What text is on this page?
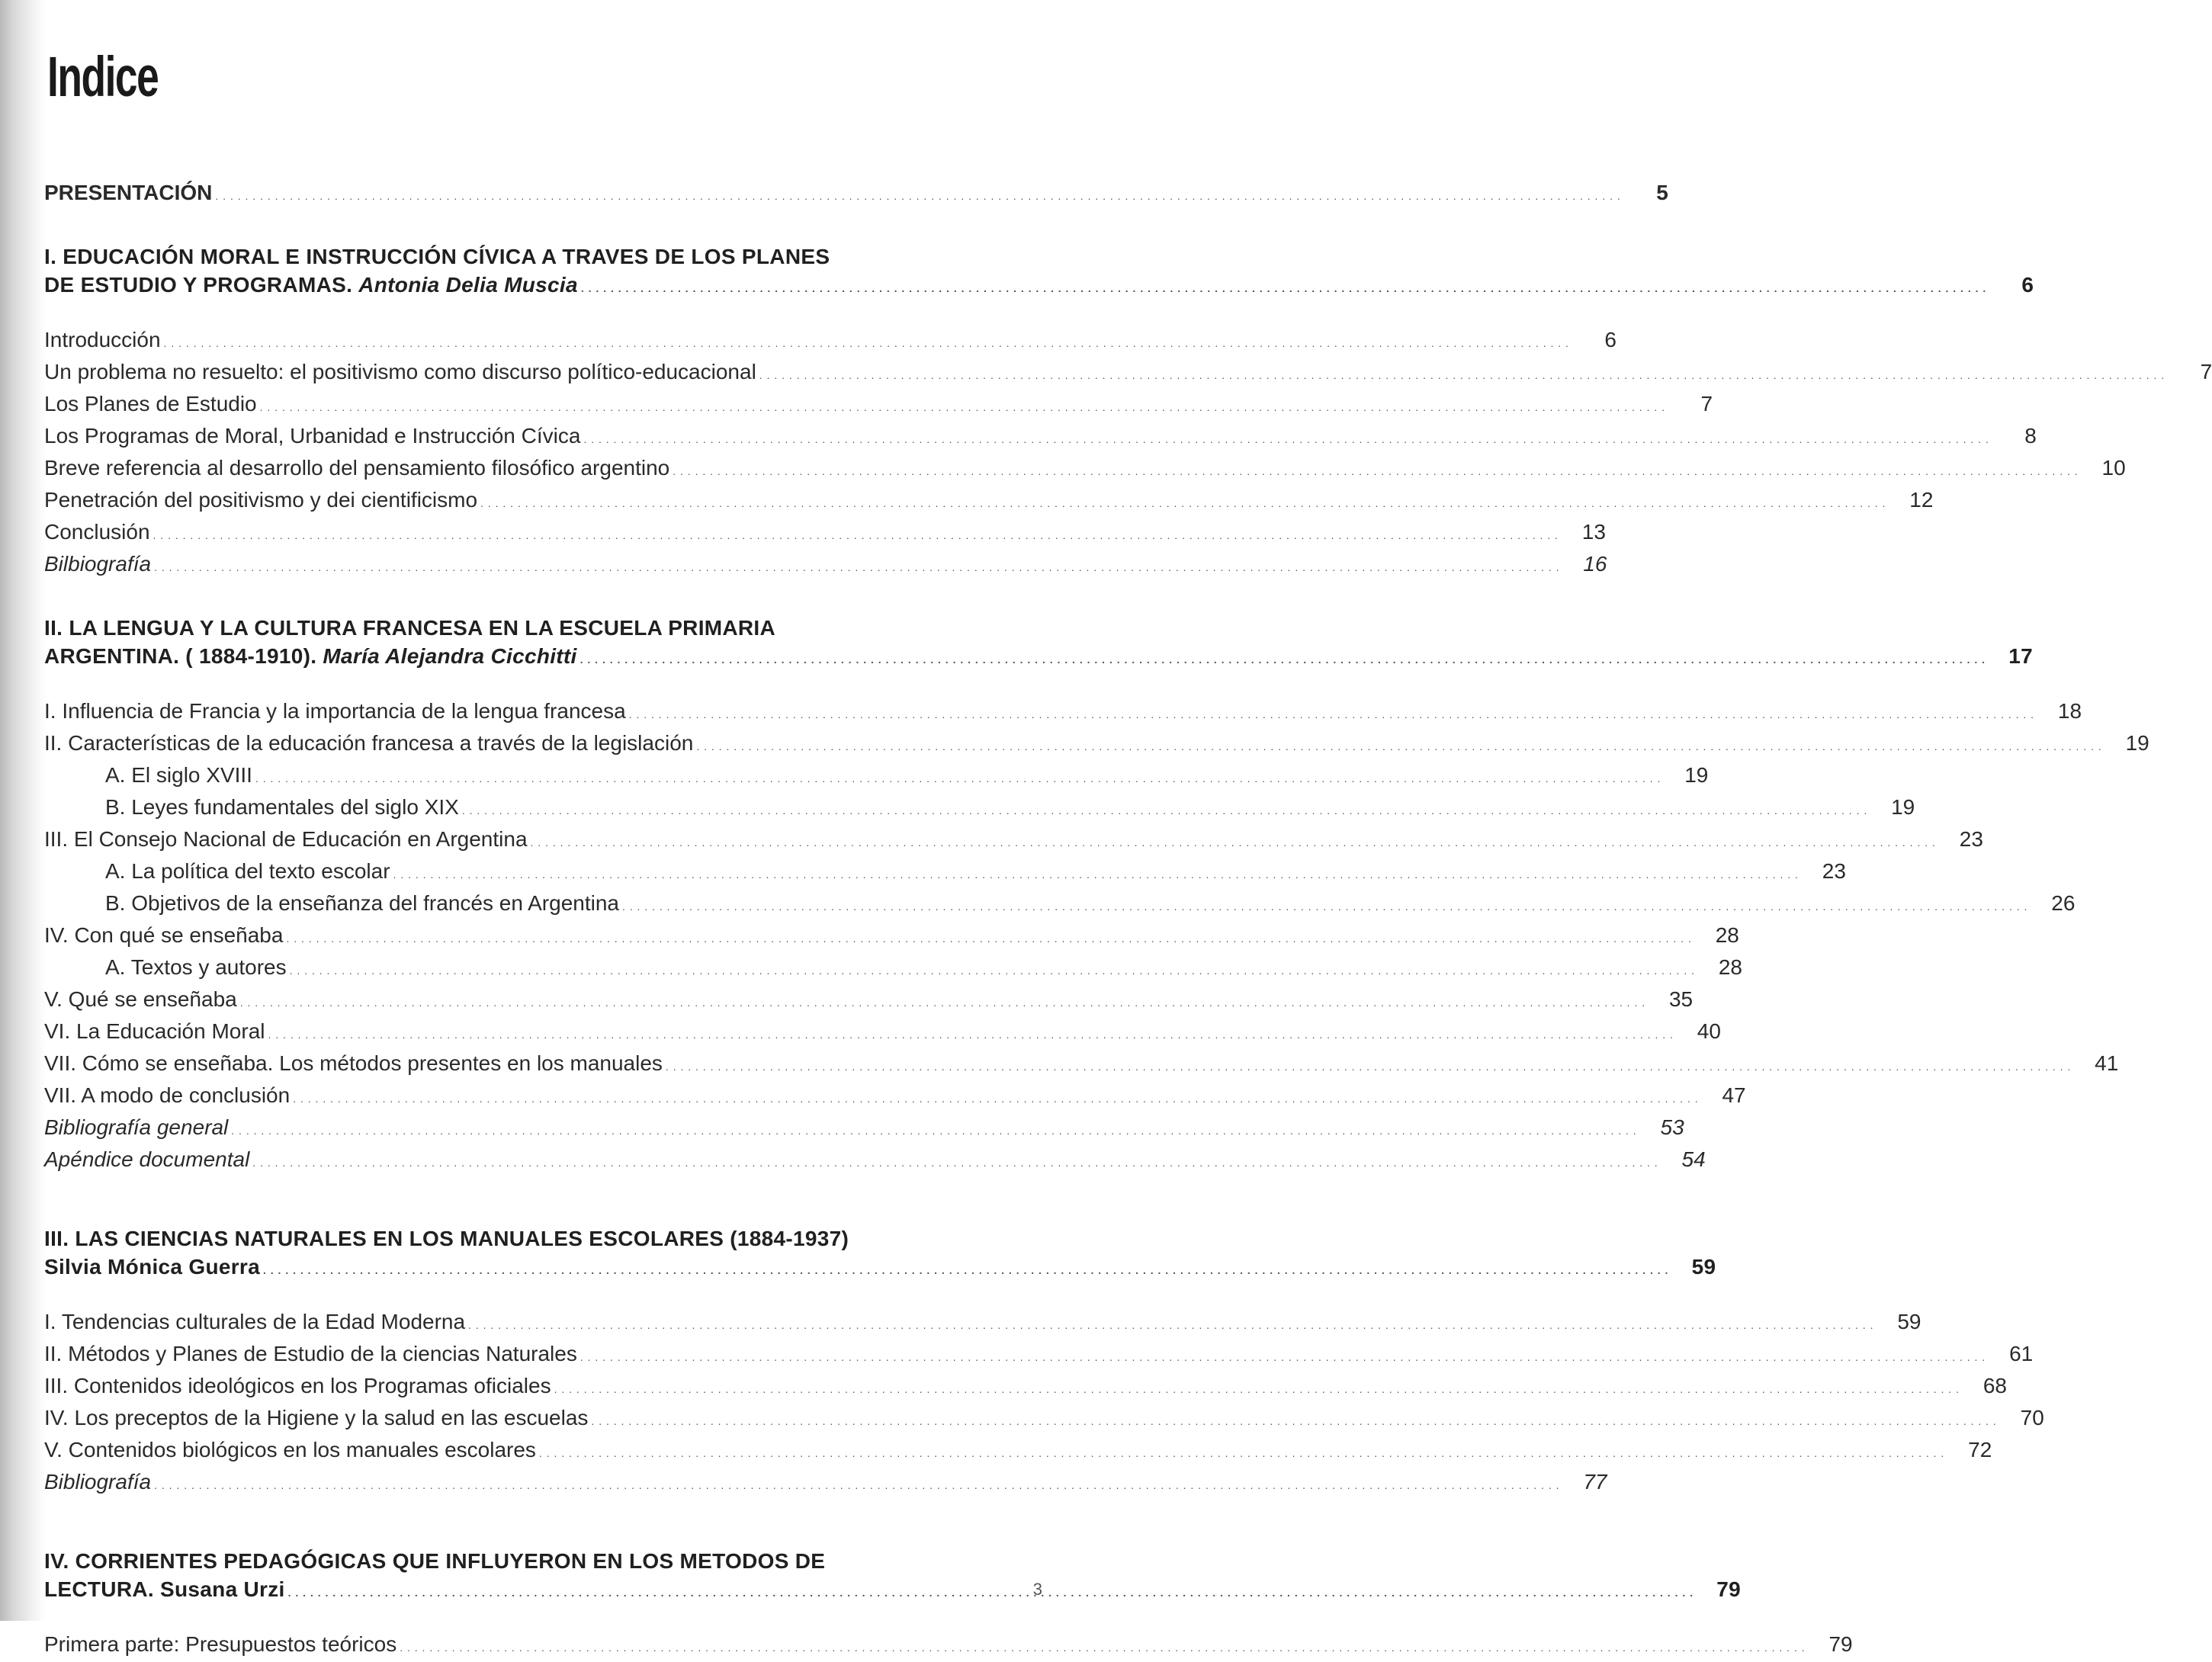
Indice
PRESENTACIÓN . . .	5
I. EDUCACIÓN MORAL E INSTRUCCIÓN CÍVICA A TRAVES DE LOS PLANES
DE ESTUDIO Y PROGRAMAS. Antonia Delia Muscia . . .	6
Introducción . . .	6
Un problema no resuelto: el positivismo como discurso político-educacional . . .	7
Los Planes de Estudio . . .	7
Los Programas de Moral, Urbanidad e Instrucción Cívica . . .	8
Breve referencia al desarrollo del pensamiento filosófico argentino . . .	10
Penetración del positivismo y dei cientificismo . . .	12
Conclusión . . .	13
Bilbiografía . . .	16
II. LA LENGUA Y LA CULTURA FRANCESA EN LA ESCUELA PRIMARIA
ARGENTINA. ( 1884-1910). María Alejandra Cicchitti . . .	17
I. Influencia de Francia y la importancia de la lengua francesa . . .	18
II. Características de la educación francesa a través de la legislación . . .	19
A. El siglo XVIII . . .	19
B. Leyes fundamentales del siglo XIX . . .	19
III. El Consejo Nacional de Educación en Argentina . . .	23
A. La política del texto escolar . . .	23
B. Objetivos de la enseñanza del francés en Argentina . . .	26
IV. Con qué se enseñaba . . .	28
A. Textos y autores . . .	28
V. Qué se enseñaba . . .	35
VI. La Educación Moral . . .	40
VII. Cómo se enseñaba. Los métodos presentes en los manuales . . .	41
VII. A modo de conclusión . . .	47
Bibliografía general . . .	53
Apéndice documental . . .	54
III. LAS CIENCIAS NATURALES EN LOS MANUALES ESCOLARES (1884-1937)
Silvia Mónica Guerra . . .	59
I. Tendencias culturales de la Edad Moderna . . .	59
II. Métodos y Planes de Estudio de la ciencias Naturales . . .	61
III. Contenidos ideológicos en los Programas oficiales . . .	68
IV. Los preceptos de la Higiene y la salud en las escuelas . . .	70
V. Contenidos biológicos en los manuales escolares . . .	72
Bibliografía . . .	77
IV. CORRIENTES PEDAGÓGICAS QUE INFLUYERON EN LOS METODOS DE
LECTURA. Susana Urzi . . .	79
Primera parte: Presupuestos teóricos . . .	79
3
